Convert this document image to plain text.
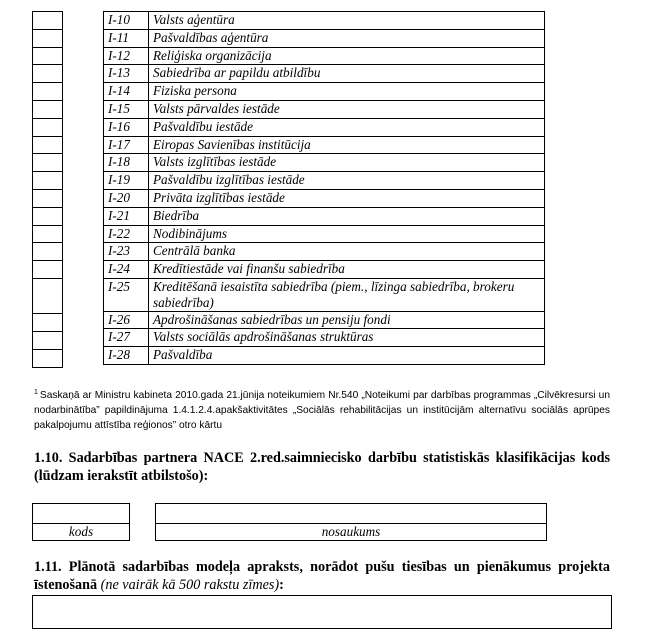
I-10	Valsts aģentūra
I-11	Pašvaldības aģentūra
I-12	Reliģiska organizācija
I-13	Sabiedrība ar papildu atbildību
I-14	Fiziska persona
I-15	Valsts pārvaldes iestāde
I-16	Pašvaldību iestāde
I-17	Eiropas Savienības institūcija
I-18	Valsts izglītības iestāde
I-19	Pašvaldību izglītības iestāde
I-20	Privāta izglītības iestāde
I-21	Biedrība
I-22	Nodibinājums
I-23	Centrālā banka
I-24	Kredītiestāde vai finanšu sabiedrība
I-25	Kreditēšanā iesaistīta sabiedrība (piem., līzinga sabiedrība, brokeru sabiedrība)
I-26	Apdrošināšanas sabiedrības un pensiju fondi
I-27	Valsts sociālās apdrošināšanas struktūras
I-28	Pašvaldība
$^1$ Saskaņā ar Ministru kabineta 2010.gada 21.jūnija noteikumiem Nr.540 „Noteikumi par darbības programmas „Cilvēkresursi un nodarbinātība” papildinājuma 1.4.1.2.4.apakšaktivitātes „Sociālās rehabilitācijas un institūcijām alternatīvu sociālās aprūpes pakalpojumu attīstība reģionos” otro kārtu
1.10. Sadarbības partnera NACE 2.red.saimniecisko darbību statistiskās klasifikācijas kods (lūdzam ierakstīt atbilstošo):
kods	nosaukums
1.11. Plānotā sadarbības modeļa apraksts, norādot pušu tiesības un pienākumus projekta īstenošanā (ne vairāk kā 500 rakstu zīmes):
